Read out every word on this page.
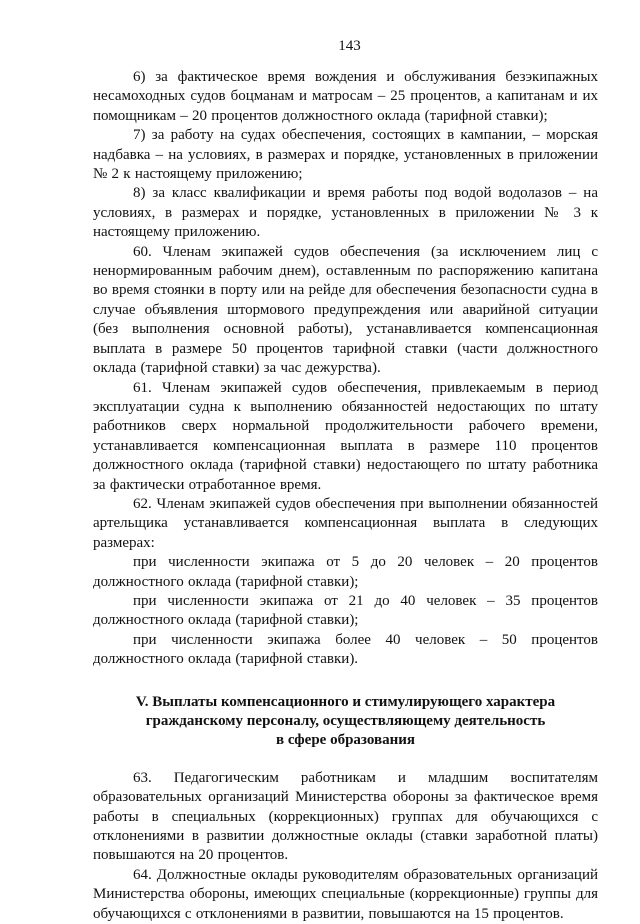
143

6) за фактическое время вождения и обслуживания безэкипажных несамоходных судов боцманам и матросам – 25 процентов, а капитанам и их помощникам – 20 процентов должностного оклада (тарифной ставки);

7) за работу на судах обеспечения, состоящих в кампании, – морская надбавка – на условиях, в размерах и порядке, установленных в приложении № 2 к настоящему приложению;

8) за класс квалификации и время работы под водой водолазов – на условиях, в размерах и порядке, установленных в приложении № 3 к настоящему приложению.

60. Членам экипажей судов обеспечения (за исключением лиц с ненормированным рабочим днем), оставленным по распоряжению капитана во время стоянки в порту или на рейде для обеспечения безопасности судна в случае объявления штормового предупреждения или аварийной ситуации (без выполнения основной работы), устанавливается компенсационная выплата в размере 50 процентов тарифной ставки (части должностного оклада (тарифной ставки) за час дежурства).

61. Членам экипажей судов обеспечения, привлекаемым в период эксплуатации судна к выполнению обязанностей недостающих по штату работников сверх нормальной продолжительности рабочего времени, устанавливается компенсационная выплата в размере 110 процентов должностного оклада (тарифной ставки) недостающего по штату работника за фактически отработанное время.

62. Членам экипажей судов обеспечения при выполнении обязанностей артельщика устанавливается компенсационная выплата в следующих размерах:

при численности экипажа от 5 до 20 человек – 20 процентов должностного оклада (тарифной ставки);

при численности экипажа от 21 до 40 человек – 35 процентов должностного оклада (тарифной ставки);

при численности экипажа более 40 человек – 50 процентов должностного оклада (тарифной ставки).

V. Выплаты компенсационного и стимулирующего характера
гражданскому персоналу, осуществляющему деятельность
в сфере образования

63. Педагогическим работникам и младшим воспитателям образовательных организаций Министерства обороны за фактическое время работы в специальных (коррекционных) группах для обучающихся с отклонениями в развитии должностные оклады (ставки заработной платы) повышаются на 20 процентов.

64. Должностные оклады руководителям образовательных организаций Министерства обороны, имеющих специальные (коррекционные) группы для обучающихся с отклонениями в развитии, повышаются на 15 процентов.
